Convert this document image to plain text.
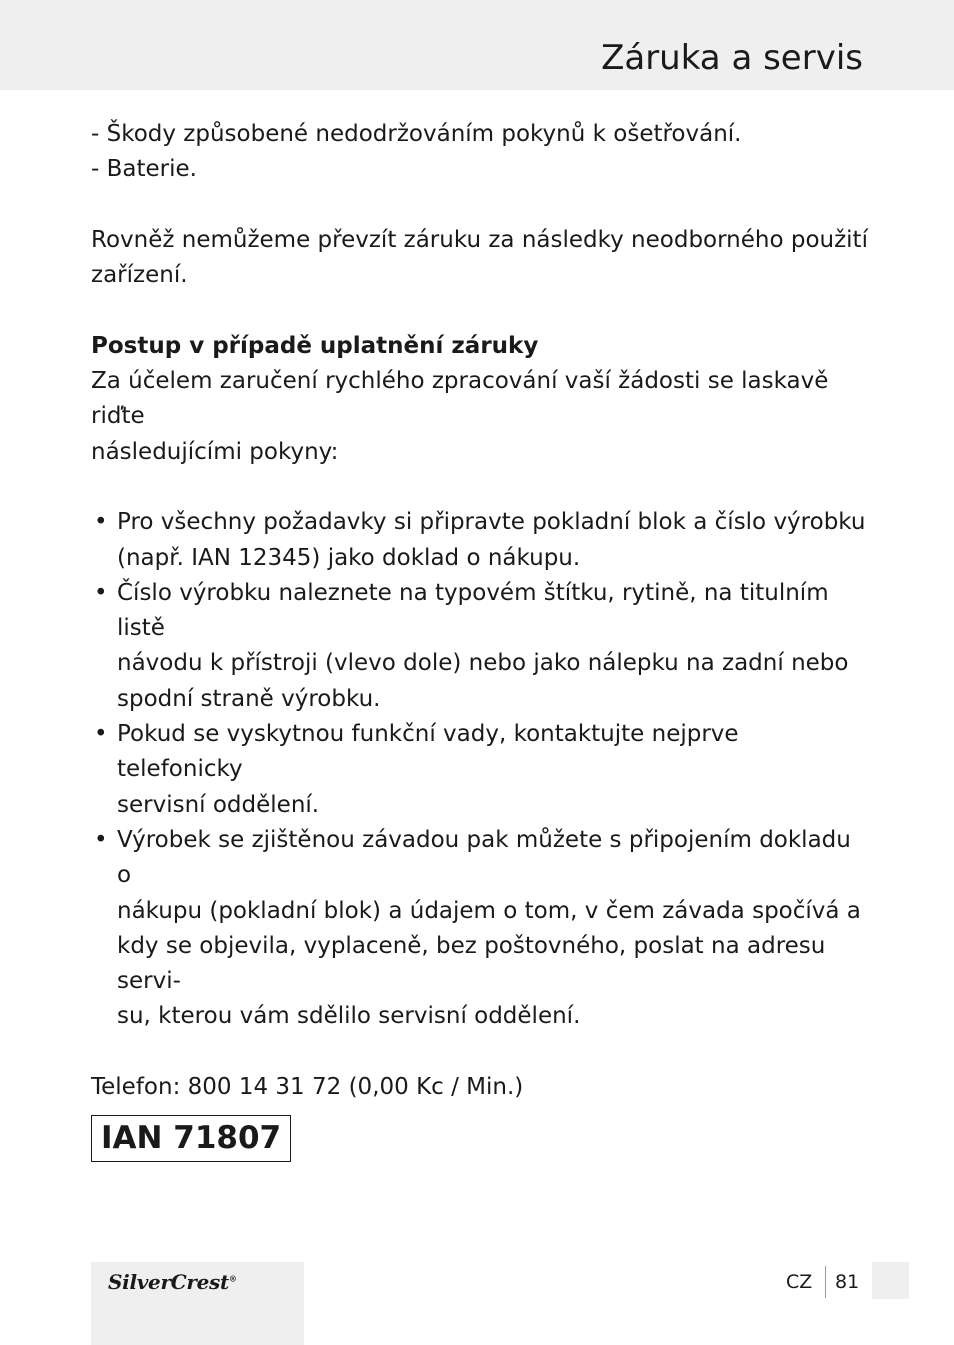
Záruka a servis

- Škody způsobené nedodržováním pokynů k ošetřování.

- Baterie.

Rovněž nemůžeme převzít záruku za následky neodborného použití

zařízení.

Postup v případě uplatnění záruky

Za účelem zaručení rychlého zpracování vaší žádosti se laskavě riďte

následujícími pokyny:

• Pro všechny požadavky si připravte pokladní blok a číslo výrobku
(např. IAN 12345) jako doklad o nákupu.
• Číslo výrobku naleznete na typovém štítku, rytině, na titulním listě
návodu k přístroji (vlevo dole) nebo jako nálepku na zadní nebo
spodní straně výrobku.
• Pokud se vyskytnou funkční vady, kontaktujte nejprve telefonicky
servisní oddělení.
• Výrobek se zjištěnou závadou pak můžete s připojením dokladu o
nákupu (pokladní blok) a údajem o tom, v čem závada spočívá a
kdy se objevila, vyplaceně, bez poštovného, poslat na adresu servi-
su, kterou vám sdělilo servisní oddělení.

Telefon: 800 14 31 72 (0,00 Kc / Min.)

IAN 71807
SilverCrest®	CZ 81
